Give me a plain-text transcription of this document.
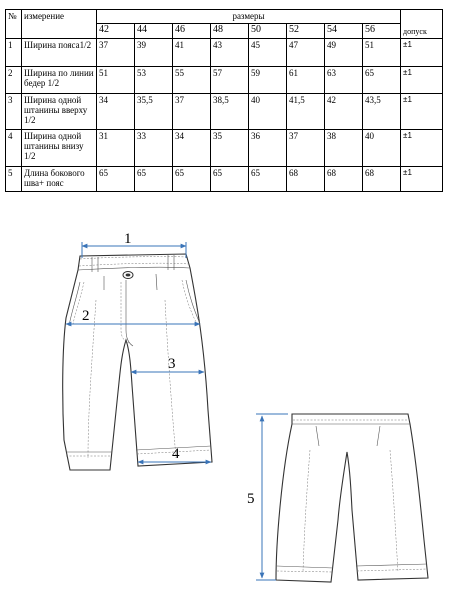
№	измерение	размеры								допуск
		42	44	46	48	50	52	54	56	
1	Ширина пояса1/2	37	39	41	43	45	47	49	51	±1
2	Ширина по линии бедер 1/2	51	53	55	57	59	61	63	65	±1
3	Ширина одной штанины вверху 1/2	34	35,5	37	38,5	40	41,5	42	43,5	±1
4	Ширина одной штанины внизу 1/2	31	33	34	35	36	37	38	40	±1
5	Длина бокового шва+ пояс	65	65	65	65	65	68	68	68	±1
1
2
3
4
5
